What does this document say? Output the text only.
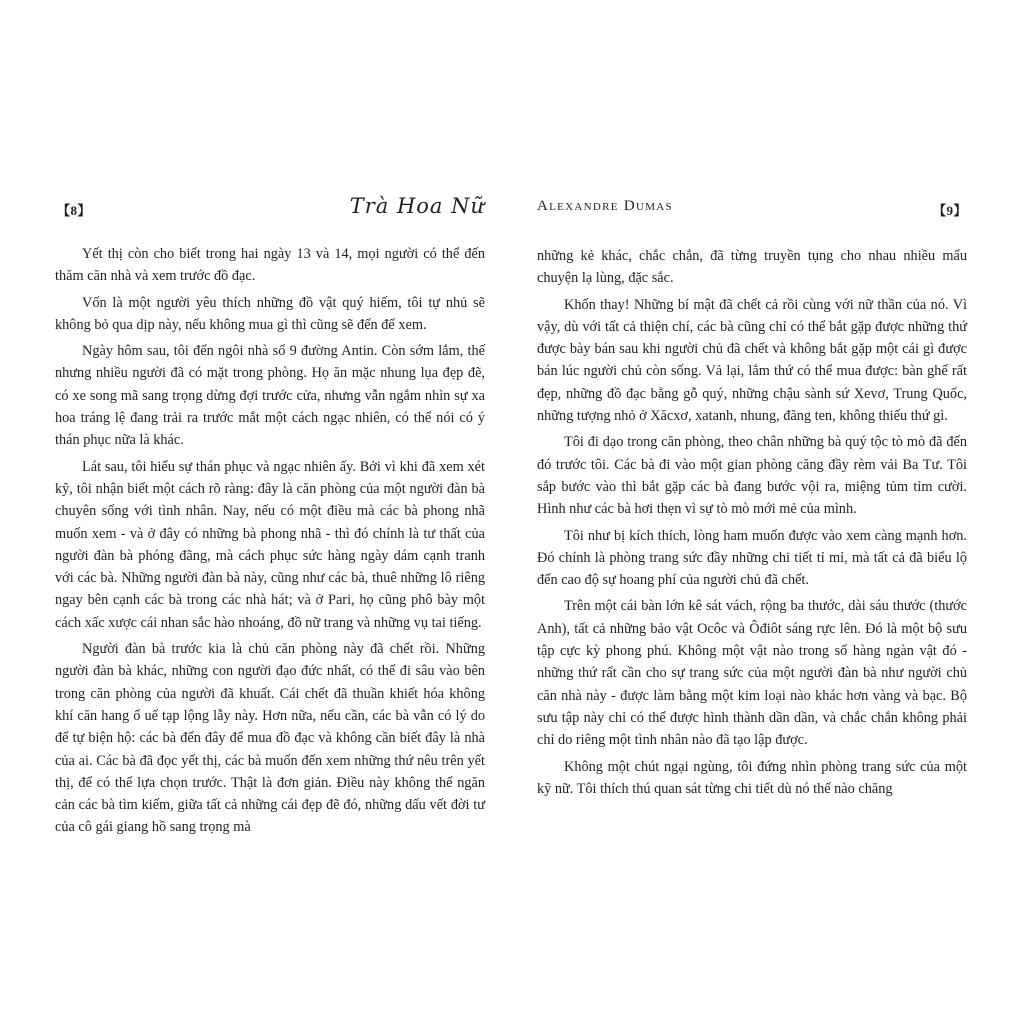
【8】	Trà Hoa Nữ

Yết thị còn cho biết trong hai ngày 13 và 14, mọi người có thể đến thăm căn nhà và xem trước đồ đạc.

Vốn là một người yêu thích những đồ vật quý hiếm, tôi tự nhủ sẽ không bỏ qua dịp này, nếu không mua gì thì cũng sẽ đến để xem.

Ngày hôm sau, tôi đến ngôi nhà số 9 đường Antin. Còn sớm lắm, thế nhưng nhiều người đã có mặt trong phòng. Họ ăn mặc nhung lụa đẹp đẽ, có xe song mã sang trọng dừng đợi trước cửa, nhưng vẫn ngắm nhìn sự xa hoa tráng lệ đang trải ra trước mắt một cách ngạc nhiên, có thể nói có ý thán phục nữa là khác.

Lát sau, tôi hiểu sự thán phục và ngạc nhiên ấy. Bởi vì khi đã xem xét kỹ, tôi nhận biết một cách rõ ràng: đây là căn phòng của một người đàn bà chuyên sống với tình nhân. Nay, nếu có một điều mà các bà phong nhã muốn xem - và ở đây có những bà phong nhã - thì đó chính là tư thất của người đàn bà phóng đãng, mà cách phục sức hàng ngày dám cạnh tranh với các bà. Những người đàn bà này, cũng như các bà, thuê những lô riêng ngay bên cạnh các bà trong các nhà hát; và ở Pari, họ cũng phô bày một cách xấc xược cái nhan sắc hào nhoáng, đồ nữ trang và những vụ tai tiếng.

Người đàn bà trước kia là chủ căn phòng này đã chết rồi. Những người đàn bà khác, những con người đạo đức nhất, có thể đi sâu vào bên trong căn phòng của người đã khuất. Cái chết đã thuần khiết hóa không khí căn hang ổ uế tạp lộng lẫy này. Hơn nữa, nếu cần, các bà vẫn có lý do để tự biện hộ: các bà đến đây để mua đồ đạc và không cần biết đây là nhà của ai. Các bà đã đọc yết thị, các bà muốn đến xem những thứ nêu trên yết thị, để có thể lựa chọn trước. Thật là đơn giản. Điều này không thể ngăn cản các bà tìm kiếm, giữa tất cả những cái đẹp đẽ đó, những dấu vết đời tư của cô gái giang hồ sang trọng mà

Alexandre Dumas	【9】

những kẻ khác, chắc chắn, đã từng truyền tụng cho nhau nhiều mẩu chuyện lạ lùng, đặc sắc.

Khốn thay! Những bí mật đã chết cả rồi cùng với nữ thần của nó. Vì vậy, dù với tất cả thiện chí, các bà cũng chỉ có thể bắt gặp được những thứ được bày bán sau khi người chủ đã chết và không bắt gặp một cái gì được bán lúc người chủ còn sống. Vả lại, lắm thứ có thể mua được: bàn ghế rất đẹp, những đồ đạc bằng gỗ quý, những chậu sành sứ Xevơ, Trung Quốc, những tượng nhỏ ở Xăcxơ, xatanh, nhung, đăng ten, không thiếu thứ gì.

Tôi đi dạo trong căn phòng, theo chân những bà quý tộc tò mò đã đến đó trước tôi. Các bà đi vào một gian phòng căng đầy rèm vải Ba Tư. Tôi sắp bước vào thì bắt gặp các bà đang bước vội ra, miệng tủm tỉm cười. Hình như các bà hơi thẹn vì sự tò mò mới mẻ của mình.

Tôi như bị kích thích, lòng ham muốn được vào xem càng mạnh hơn. Đó chính là phòng trang sức đầy những chi tiết tỉ mỉ, mà tất cả đã biểu lộ đến cao độ sự hoang phí của người chủ đã chết.

Trên một cái bàn lớn kê sát vách, rộng ba thước, dài sáu thước (thước Anh), tất cả những bảo vật Ocôc và Ôđiôt sáng rực lên. Đó là một bộ sưu tập cực kỳ phong phú. Không một vật nào trong số hàng ngàn vật đó - những thứ rất cần cho sự trang sức của một người đàn bà như người chủ căn nhà này - được làm bằng một kim loại nào khác hơn vàng và bạc. Bộ sưu tập này chỉ có thể được hình thành dần dần, và chắc chắn không phải chỉ do riêng một tình nhân nào đã tạo lập được.

Không một chút ngại ngùng, tôi đứng nhìn phòng trang sức của một kỹ nữ. Tôi thích thú quan sát từng chi tiết dù nó thế nào chăng
